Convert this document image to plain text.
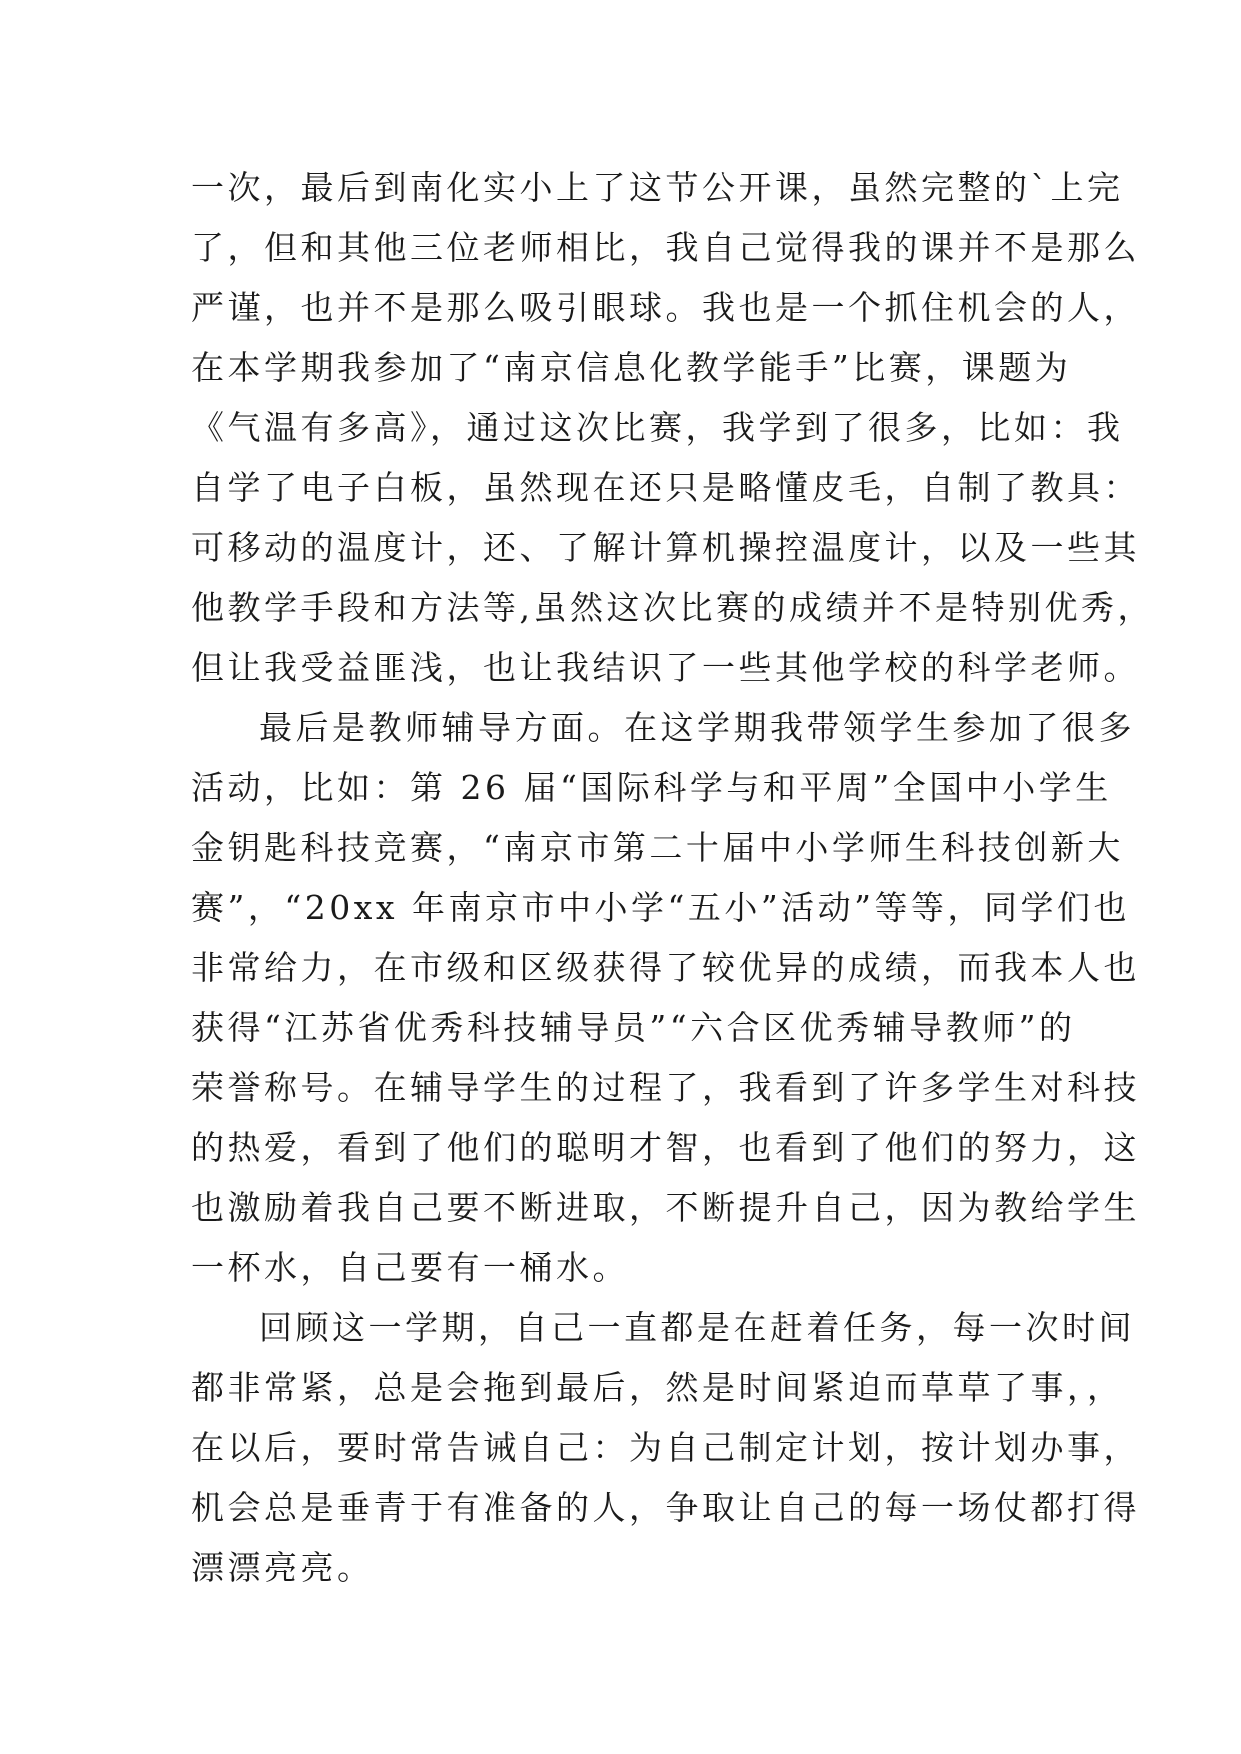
一次，最后到南化实小上了这节公开课，虽然完整的`上完
了，但和其他三位老师相比，我自己觉得我的课并不是那么
严谨，也并不是那么吸引眼球。我也是一个抓住机会的人，
在本学期我参加了“南京信息化教学能手”比赛，课题为
《气温有多高》，通过这次比赛，我学到了很多，比如：我
自学了电子白板，虽然现在还只是略懂皮毛，自制了教具：
可移动的温度计，还、了解计算机操控温度计，以及一些其
他教学手段和方法等,虽然这次比赛的成绩并不是特别优秀，
但让我受益匪浅，也让我结识了一些其他学校的科学老师。
最后是教师辅导方面。在这学期我带领学生参加了很多
活动，比如：第 26 届“国际科学与和平周”全国中小学生
金钥匙科技竞赛，“南京市第二十届中小学师生科技创新大
赛”，“20xx 年南京市中小学“五小”活动”等等，同学们也
非常给力，在市级和区级获得了较优异的成绩，而我本人也
获得“江苏省优秀科技辅导员”“六合区优秀辅导教师”的
荣誉称号。在辅导学生的过程了，我看到了许多学生对科技
的热爱，看到了他们的聪明才智，也看到了他们的努力，这
也激励着我自己要不断进取，不断提升自己，因为教给学生
一杯水，自己要有一桶水。
回顾这一学期，自己一直都是在赶着任务，每一次时间
都非常紧，总是会拖到最后，然是时间紧迫而草草了事，，
在以后，要时常告诫自己：为自己制定计划，按计划办事，
机会总是垂青于有准备的人，争取让自己的每一场仗都打得
漂漂亮亮。
